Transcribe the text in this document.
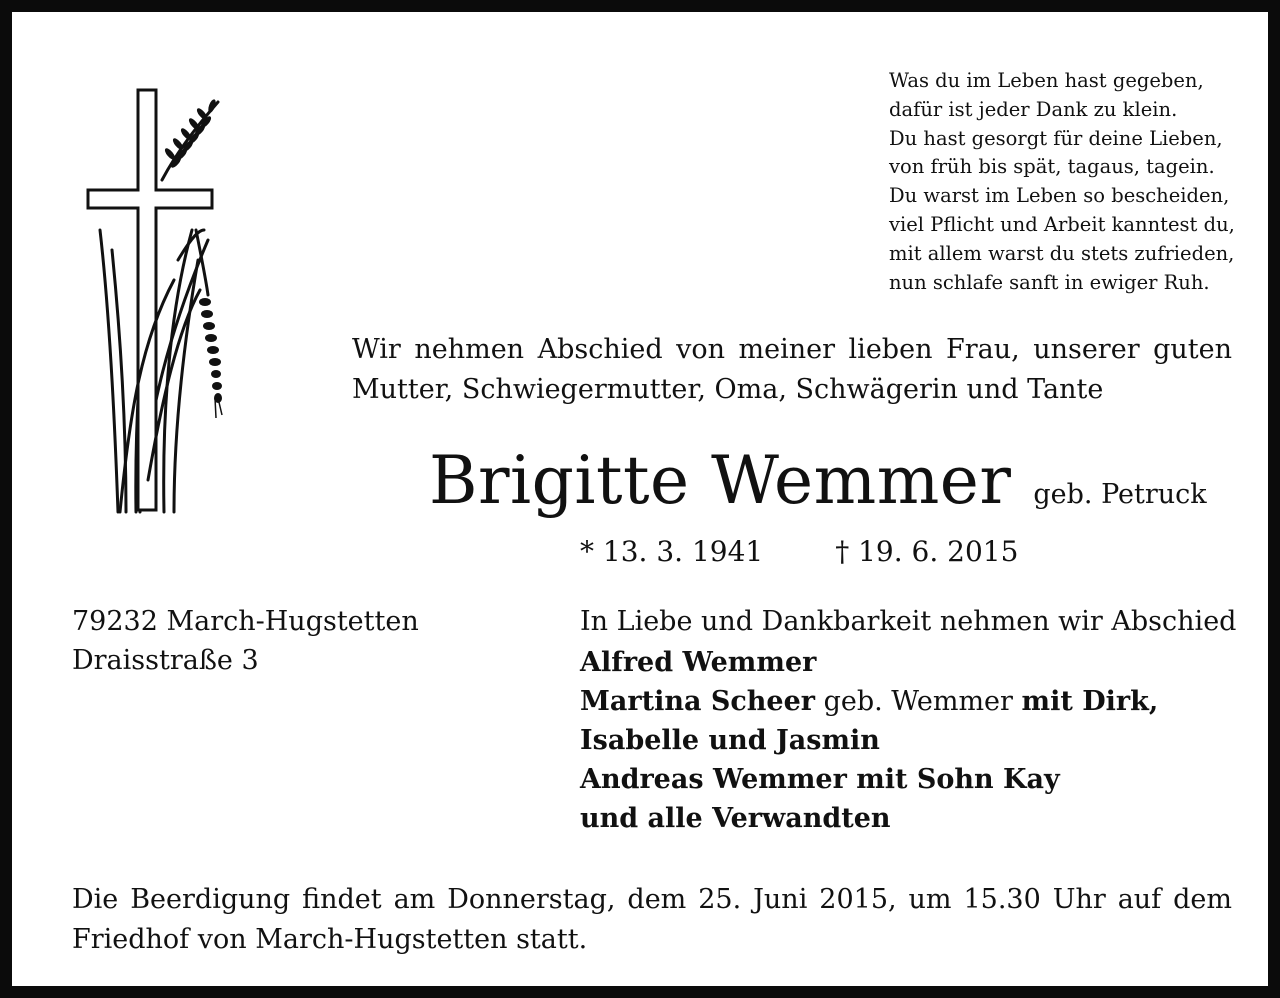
Was du im Leben hast gegeben,
dafür ist jeder Dank zu klein.
Du hast gesorgt für deine Lieben,
von früh bis spät, tagaus, tagein.
Du warst im Leben so bescheiden,
viel Pflicht und Arbeit kanntest du,
mit allem warst du stets zufrieden,
nun schlafe sanft in ewiger Ruh.
Wir nehmen Abschied von meiner lieben Frau, unserer guten
Mutter, Schwiegermutter, Oma, Schwägerin und Tante
Brigitte Wemmer geb. Petruck
* 13. 3. 1941	† 19. 6. 2015
79232 March-Hugstetten
Draisstraße 3
In Liebe und Dankbarkeit nehmen wir Abschied
Alfred Wemmer
Martina Scheer geb. Wemmer mit Dirk,
Isabelle und Jasmin
Andreas Wemmer mit Sohn Kay
und alle Verwandten
Die Beerdigung findet am Donnerstag, dem 25. Juni 2015, um 15.30 Uhr auf dem
Friedhof von March-Hugstetten statt.
